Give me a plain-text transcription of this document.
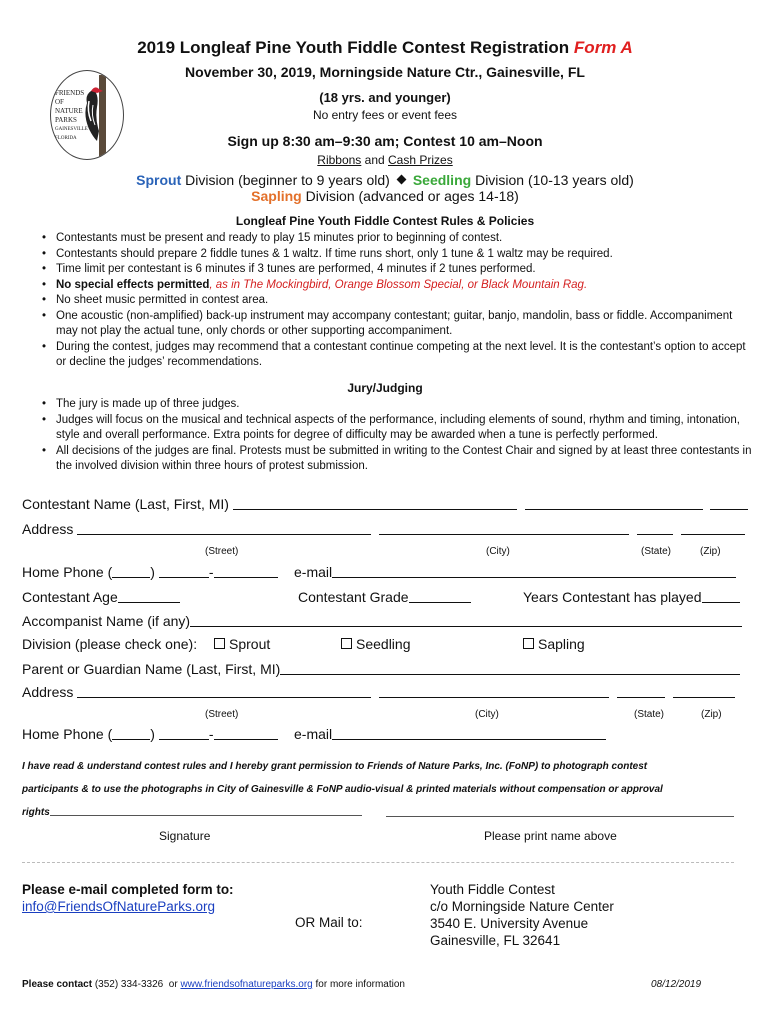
2019 Longleaf Pine Youth Fiddle Contest Registration Form A
November 30, 2019, Morningside Nature Ctr., Gainesville, FL
(18 yrs. and younger)
No entry fees or event fees
Sign up 8:30 am–9:30 am; Contest 10 am–Noon
Ribbons and Cash Prizes
FRIENDS
OF
NATURE
PARKS
GAINESVILLE
FLORIDA
Sprout Division (beginner to 9 years old) Seedling Division (10-13 years old)
Sapling Division (advanced or ages 14-18)
Longleaf Pine Youth Fiddle Contest Rules & Policies
• Contestants must be present and ready to play 15 minutes prior to beginning of contest.
• Contestants should prepare 2 fiddle tunes & 1 waltz. If time runs short, only 1 tune & 1 waltz may be required.
• Time limit per contestant is 6 minutes if 3 tunes are performed, 4 minutes if 2 tunes performed.
• No special effects permitted, as in The Mockingbird, Orange Blossom Special, or Black Mountain Rag.
• No sheet music permitted in contest area.
• One acoustic (non-amplified) back-up instrument may accompany contestant; guitar, banjo, mandolin, bass or fiddle. Accompaniment may not play the actual tune, only chords or other supporting accompaniment.
• During the contest, judges may recommend that a contestant continue competing at the next level. It is the contestant’s option to accept or decline the judges’ recommendations.
Jury/Judging
• The jury is made up of three judges.
• Judges will focus on the musical and technical aspects of the performance, including elements of sound, rhythm and timing, intonation, style and overall performance. Extra points for degree of difficulty may be awarded when a tune is perfectly performed.
• All decisions of the judges are final. Protests must be submitted in writing to the Contest Chair and signed by at least three contestants in the involved division within three hours of protest submission.
Contestant Name (Last, First, MI)
Address
(Street)	(City)	(State)	(Zip)
Home Phone (	)	-	e-mail
Contestant Age	Contestant Grade	Years Contestant has played
Accompanist Name (if any)
Division (please check one):	Sprout	Seedling	Sapling
Parent or Guardian Name (Last, First, MI)
Address
(Street)	(City)	(State)	(Zip)
Home Phone (	)	-	e-mail
I have read & understand contest rules and I hereby grant permission to Friends of Nature Parks, Inc. (FoNP) to photograph contest
participants & to use the photographs in City of Gainesville & FoNP audio-visual & printed materials without compensation or approval
rights
Signature	Please print name above
Please e-mail completed form to:
info@FriendsOfNatureParks.org
OR Mail to:
Youth Fiddle Contest
c/o Morningside Nature Center
3540 E. University Avenue
Gainesville, FL 32641
Please contact (352) 334-3326  or www.friendsofnatureparks.org for more information	08/12/2019
